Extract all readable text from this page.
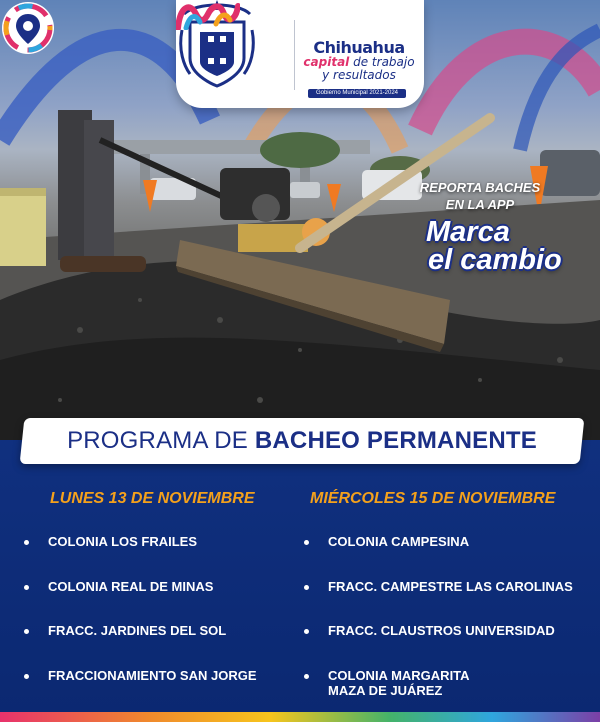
Chihuahua
capital de trabajo
y resultados
Gobierno Municipal 2021-2024
REPORTA BACHES
EN LA APP
Marca
el cambio
PROGRAMA DE BACHEO PERMANENTE
LUNES 13 DE NOVIEMBRE	MIÉRCOLES 15 DE NOVIEMBRE
COLONIA LOS FRAILES
COLONIA REAL DE MINAS
FRACC. JARDINES DEL SOL
FRACCIONAMIENTO SAN JORGE
COLONIA CAMPESINA
FRACC. CAMPESTRE LAS CAROLINAS
FRACC. CLAUSTROS UNIVERSIDAD
COLONIA MARGARITA
MAZA DE JUÁREZ
